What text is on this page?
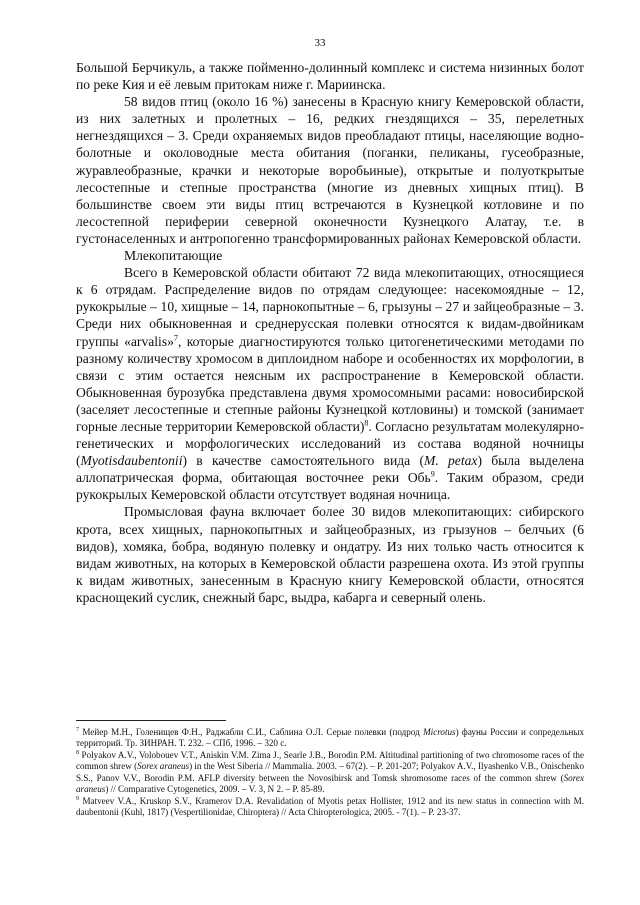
33

Большой Берчикуль, а также пойменно-долинный комплекс и система низинных болот по реке Кия и её левым притокам ниже г. Мариинска.

58 видов птиц (около 16 %) занесены в Красную книгу Кемеровской области, из них залетных и пролетных – 16, редких гнездящихся – 35, перелетных негнездящихся – 3. Среди охраняемых видов преобладают птицы, населяющие водно-болотные и околоводные места обитания (поганки, пеликаны, гусеобразные, журавлеобразные, крачки и некоторые воробьиные), открытые и полуоткрытые лесостепные и степные пространства (многие из дневных хищных птиц). В большинстве своем эти виды птиц встречаются в Кузнецкой котловине и по лесостепной периферии северной оконечности Кузнецкого Алатау, т.е. в густонаселенных и антропогенно трансформированных районах Кемеровской области.

Млекопитающие

Всего в Кемеровской области обитают 72 вида млекопитающих, относящиеся к 6 отрядам. Распределение видов по отрядам следующее: насекомоядные – 12, рукокрылые – 10, хищные – 14, парнокопытные – 6, грызуны – 27 и зайцеобразные – 3. Среди них обыкновенная и среднерусская полевки относятся к видам-двойникам группы «arvalis»$^7$, которые диагностируются только цитогенетическими методами по разному количеству хромосом в диплоидном наборе и особенностях их морфологии, в связи с этим остается неясным их распространение в Кемеровской области. Обыкновенная бурозубка представлена двумя хромосомными расами: новосибирской (заселяет лесостепные и степные районы Кузнецкой котловины) и томской (занимает горные лесные территории Кемеровской области)$^8$. Согласно результатам молекулярно-генетических и морфологических исследований из состава водяной ночницы (Myotisdaubentonii) в качестве самостоятельного вида (M. petax) была выделена аллопатрическая форма, обитающая восточнее реки Обь$^9$. Таким образом, среди рукокрылых Кемеровской области отсутствует водяная ночница.

Промысловая фауна включает более 30 видов млекопитающих: сибирского крота, всех хищных, парнокопытных и зайцеобразных, из грызунов – белчьих (6 видов), хомяка, бобра, водяную полевку и ондатру. Из них только часть относится к видам животных, на которых в Кемеровской области разрешена охота. Из этой группы к видам животных, занесенным в Красную книгу Кемеровской области, относятся краснощекий суслик, снежный барс, выдра, кабарга и северный олень.

$^7$ Мейер М.Н., Голенищев Ф.Н., Раджабли С.И., Саблина О.Л. Серые полевки (подрод Microtus) фауны России и сопредельных территорий. Тр. ЗИНРАН. Т. 232. – СПб, 1996. – 320 с.

$^8$ Polyakov A.V., Volobouev V.T., Aniskin V.M. Zima J., Searle J.B., Borodin P.M. Altitudinal partitioning of two chromosome races of the common shrew (Sorex araneus) in the West Siberia // Mammalia. 2003. – 67(2). – P. 201-207; Polyakov A.V., Ilyashenko V.B., Onischenko S.S., Panov V.V., Borodin P.M. AFLP diversity between the Novosibirsk and Tomsk shromosome races of the common shrew (Sorex araneus) // Comparative Cytogenetics, 2009. – V. 3, N 2. – P. 85-89.

$^9$ Matveev V.A., Kruskop S.V., Kramerov D.A. Revalidation of Myotis petax Hollister, 1912 and its new status in connection with M. daubentonii (Kuhl, 1817) (Vespertilionidae, Chiroptera) // Acta Chiropterologica, 2005. - 7(1). – P. 23-37.
